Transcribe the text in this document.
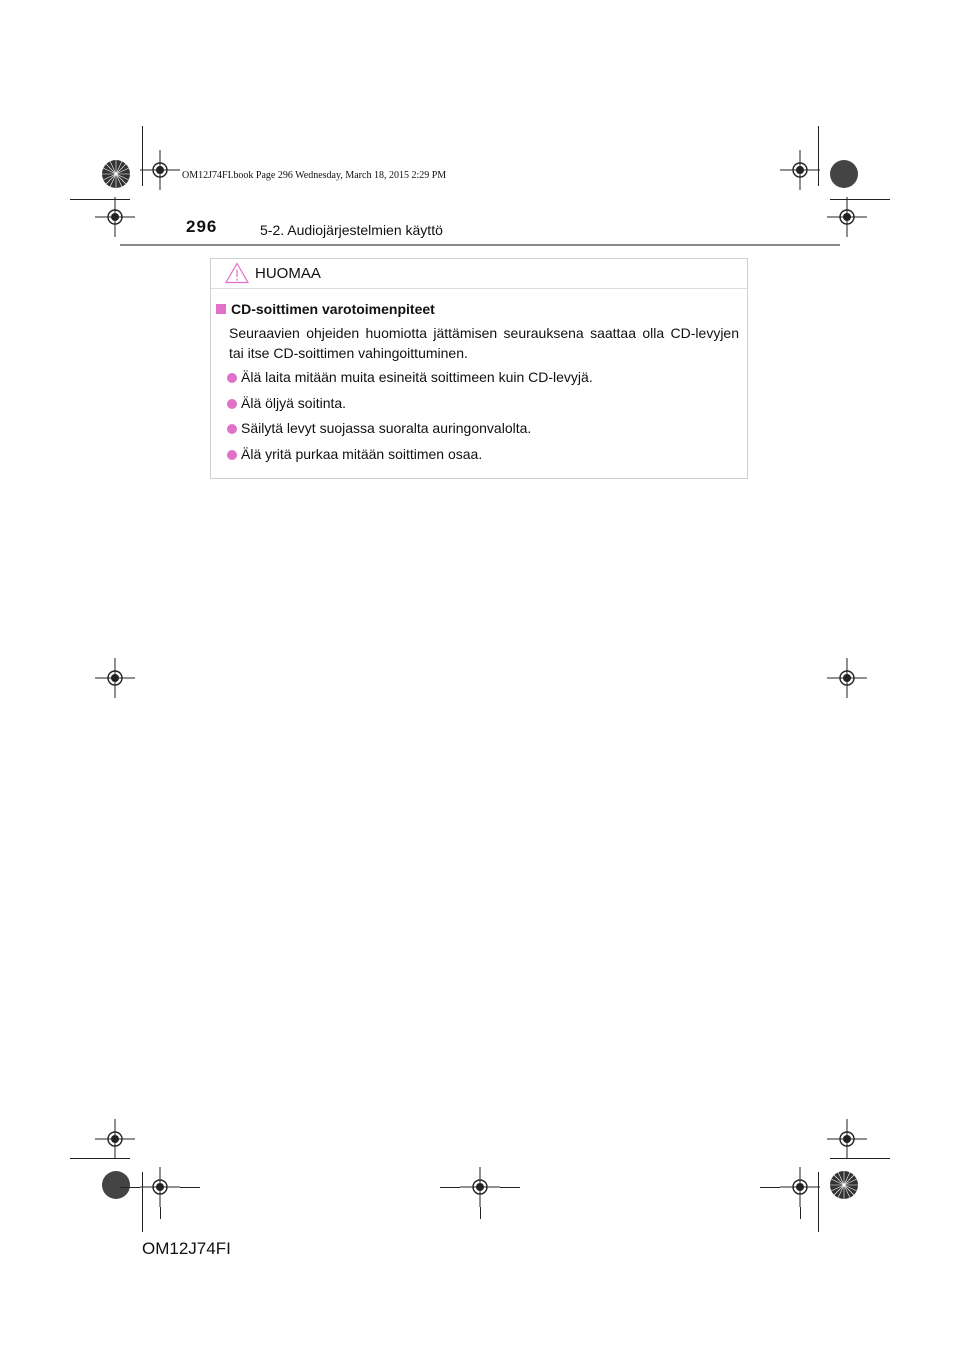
OM12J74FI.book Page 296 Wednesday, March 18, 2015 2:29 PM
296	5-2. Audiojärjestelmien käyttö
HUOMAA
CD-soittimen varotoimenpiteet
Seuraavien ohjeiden huomiotta jättämisen seurauksena saattaa olla CD-levyjen tai itse CD-soittimen vahingoittuminen.
Älä laita mitään muita esineitä soittimeen kuin CD-levyjä.
Älä öljyä soitinta.
Säilytä levyt suojassa suoralta auringonvalolta.
Älä yritä purkaa mitään soittimen osaa.
OM12J74FI
